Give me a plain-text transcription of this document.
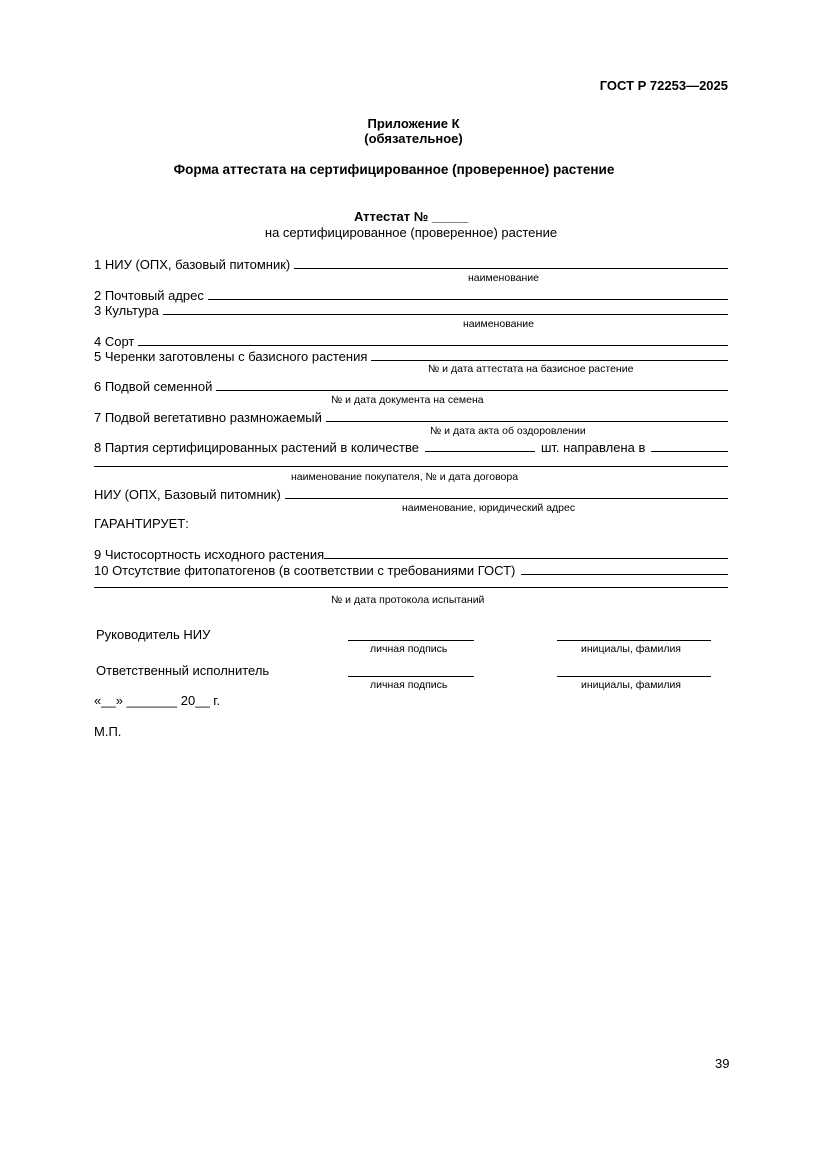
ГОСТ Р 72253—2025
Приложение К
(обязательное)
Форма аттестата на сертифицированное (проверенное) растение
Аттестат № _____
на сертифицированное (проверенное) растение
1 НИУ (ОПХ, базовый питомник)
наименование
2 Почтовый адрес
3 Культура
наименование
4 Сорт
5 Черенки заготовлены с базисного растения
№ и дата аттестата на базисное растение
6 Подвой семенной
№ и дата документа на семена
7 Подвой вегетативно размножаемый
№ и дата акта об оздоровлении
8 Партия сертифицированных растений в количестве	шт. направлена в
наименование покупателя, № и дата договора
НИУ (ОПХ, Базовый питомник)
наименование, юридический адрес
ГАРАНТИРУЕТ:
9 Чистосортность исходного растения
10 Отсутствие фитопатогенов (в соответствии с требованиями ГОСТ)
№ и дата протокола испытаний
Руководитель НИУ
личная подпись	инициалы, фамилия
Ответственный исполнитель
личная подпись	инициалы, фамилия
«__» _______ 20__ г.
М.П.
39
